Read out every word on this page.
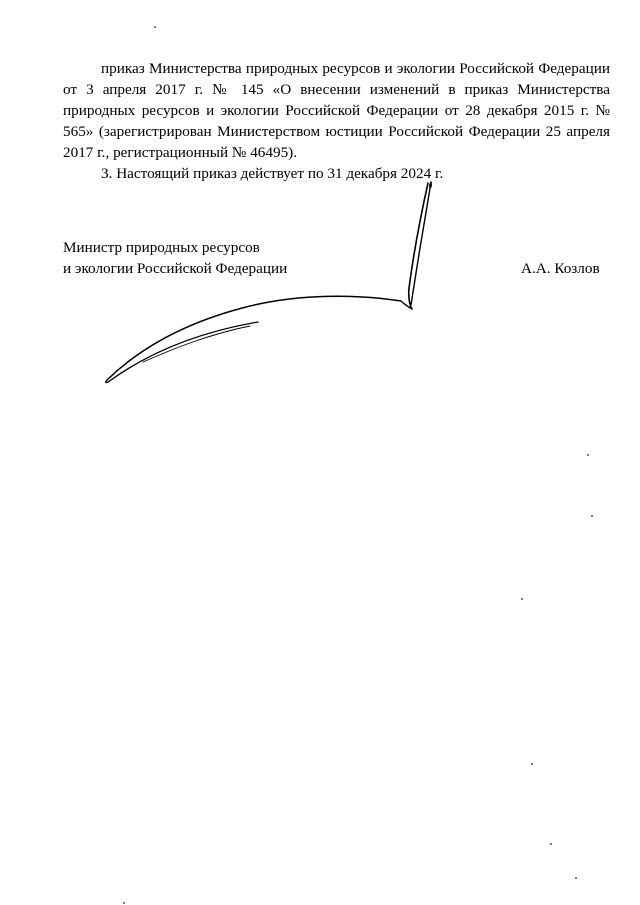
приказ Министерства природных ресурсов и экологии Российской Федерации от 3 апреля 2017 г. № 145 «О внесении изменений в приказ Министерства природных ресурсов и экологии Российской Федерации от 28 декабря 2015 г. № 565» (зарегистрирован Министерством юстиции Российской Федерации 25 апреля 2017 г., регистрационный № 46495).

3. Настоящий приказ действует по 31 декабря 2024 г.

Министр природных ресурсов
и экологии Российской Федерации	А.А. Козлов
